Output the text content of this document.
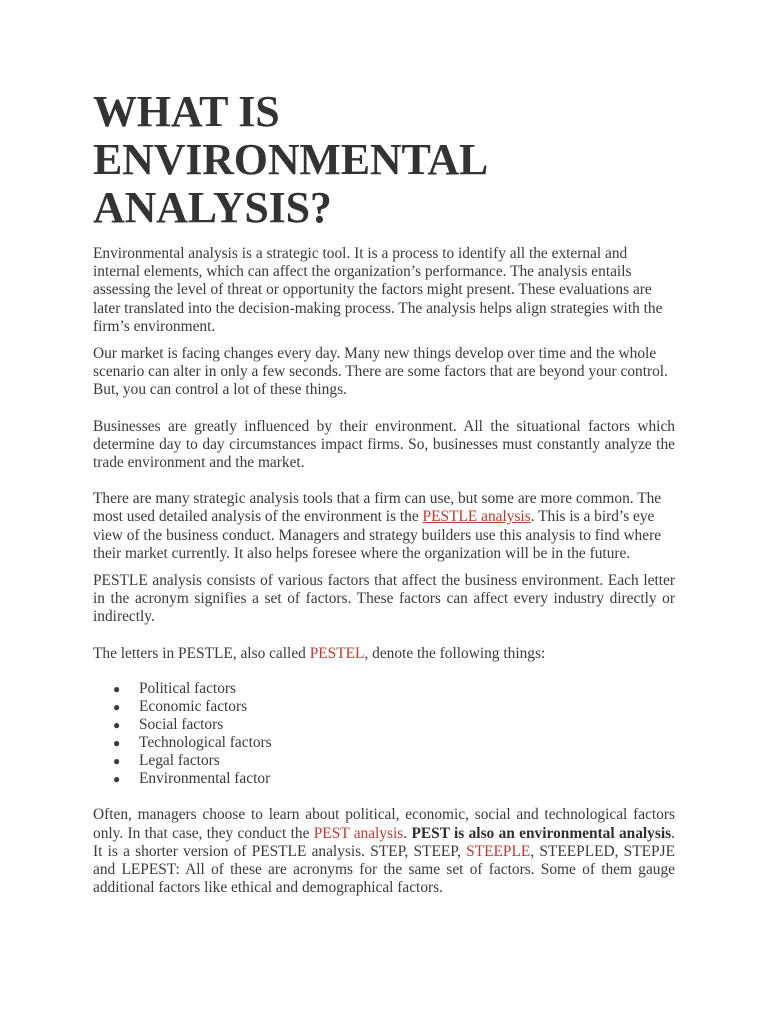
WHAT IS ENVIRONMENTAL ANALYSIS?

Environmental analysis is a strategic tool. It is a process to identify all the external and internal elements, which can affect the organization’s performance. The analysis entails assessing the level of threat or opportunity the factors might present. These evaluations are later translated into the decision-making process. The analysis helps align strategies with the firm’s environment.

Our market is facing changes every day. Many new things develop over time and the whole scenario can alter in only a few seconds. There are some factors that are beyond your control. But, you can control a lot of these things.

Businesses are greatly influenced by their environment. All the situational factors which determine day to day circumstances impact firms. So, businesses must constantly analyze the trade environment and the market.

There are many strategic analysis tools that a firm can use, but some are more common. The most used detailed analysis of the environment is the PESTLE analysis. This is a bird’s eye view of the business conduct. Managers and strategy builders use this analysis to find where their market currently. It also helps foresee where the organization will be in the future.

PESTLE analysis consists of various factors that affect the business environment. Each letter in the acronym signifies a set of factors. These factors can affect every industry directly or indirectly.

The letters in PESTLE, also called PESTEL, denote the following things:

● Political factors
● Economic factors
● Social factors
● Technological factors
● Legal factors
● Environmental factor

Often, managers choose to learn about political, economic, social and technological factors only. In that case, they conduct the PEST analysis. PEST is also an environmental analysis. It is a shorter version of PESTLE analysis. STEP, STEEP, STEEPLE, STEEPLED, STEPJE and LEPEST: All of these are acronyms for the same set of factors. Some of them gauge additional factors like ethical and demographical factors.
